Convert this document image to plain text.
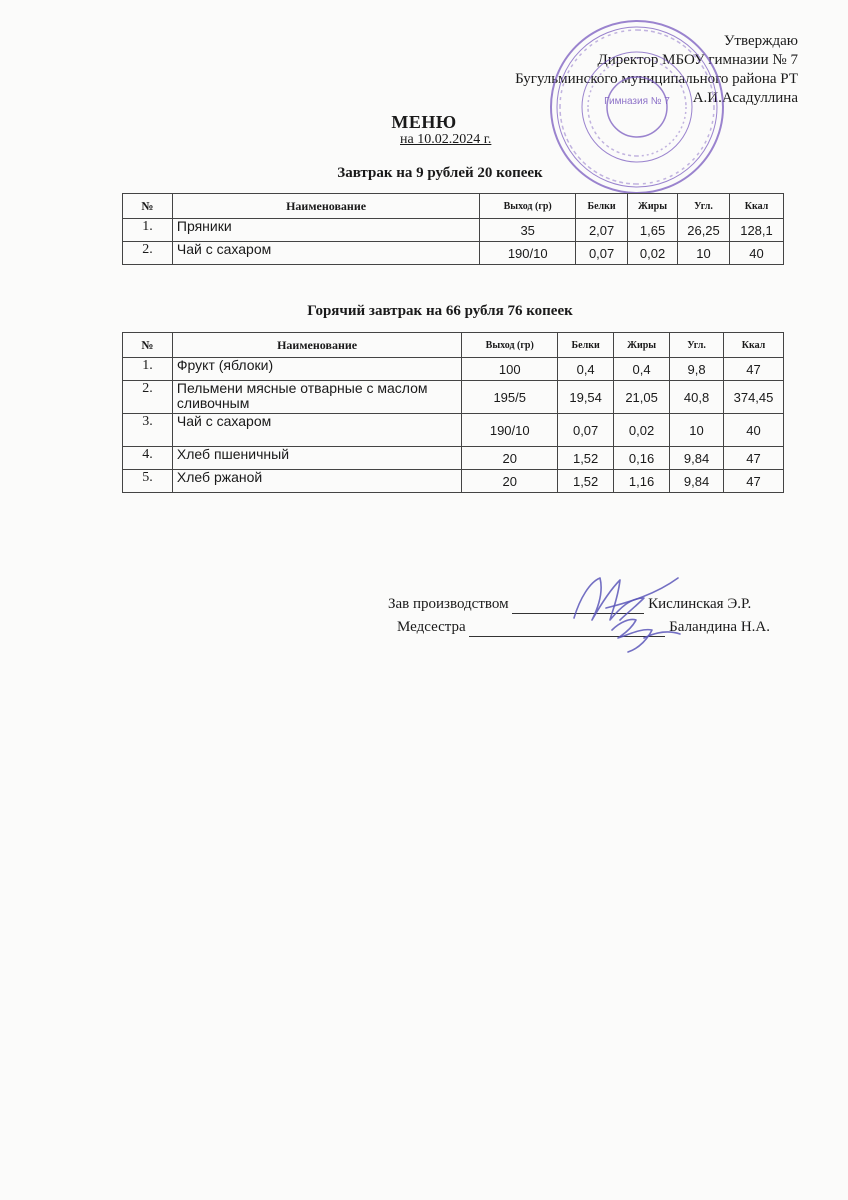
Утверждаю
Директор МБОУ гимназии № 7
Бугульминского муниципального района РТ
А.И.Асадуллина
Гимназия № 7
МЕНЮ
на 10.02.2024 г.
Завтрак на 9 рублей 20 копеек
№	Наименование	Выход (гр)	Белки	Жиры	Угл.	Ккал
1.	Пряники	35	2,07	1,65	26,25	128,1
2.	Чай с сахаром	190/10	0,07	0,02	10	40
Горячий завтрак на 66 рубля 76 копеек
№	Наименование	Выход (гр)	Белки	Жиры	Угл.	Ккал
1.	Фрукт (яблоки)	100	0,4	0,4	9,8	47
2.	Пельмени мясные отварные с маслом сливочным	195/5	19,54	21,05	40,8	374,45
3.	Чай с сахаром	190/10	0,07	0,02	10	40
4.	Хлеб пшеничный	20	1,52	0,16	9,84	47
5.	Хлеб ржаной	20	1,52	1,16	9,84	47
Зав производством	Кислинская Э.Р.
Медсестра	Баландина Н.А.
